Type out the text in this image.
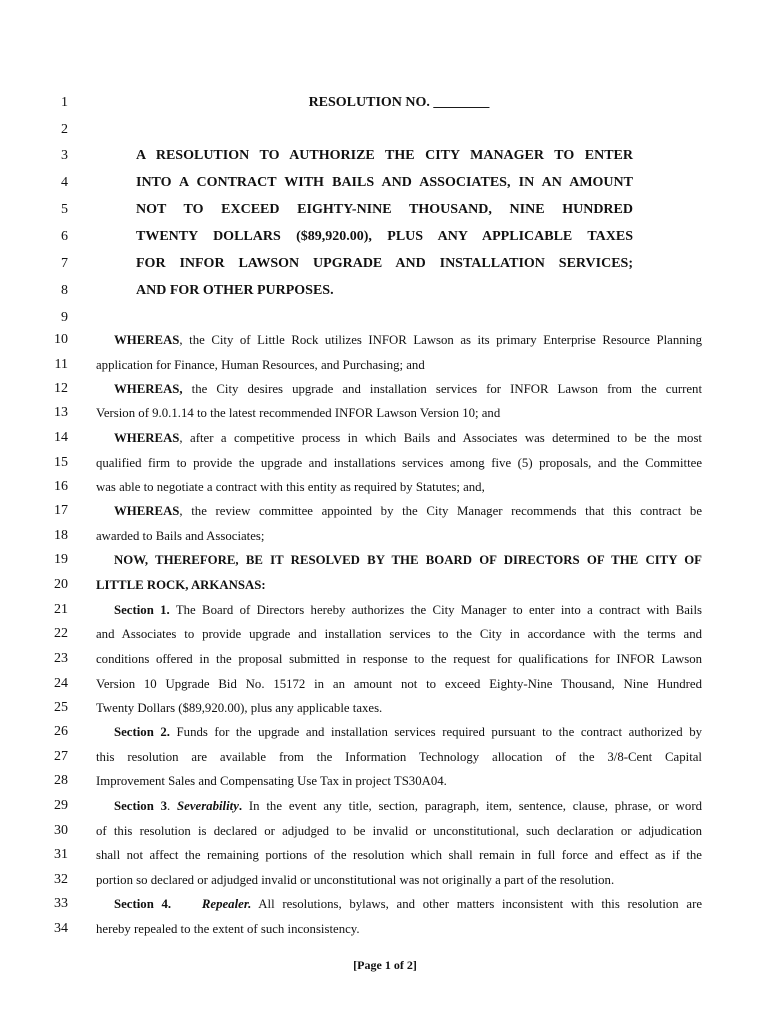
1
2
3
4
5
6
7
8
9
10
11
12
13
14
15
16
17
18
19
20
21
22
23
24
25
26
27
28
29
30
31
32
33
34
RESOLUTION NO. ________
A RESOLUTION TO AUTHORIZE THE CITY MANAGER TO ENTER
INTO A CONTRACT WITH BAILS AND ASSOCIATES, IN AN AMOUNT
NOT TO EXCEED EIGHTY-NINE THOUSAND, NINE HUNDRED
TWENTY DOLLARS ($89,920.00), PLUS ANY APPLICABLE TAXES
FOR INFOR LAWSON UPGRADE AND INSTALLATION SERVICES;
AND FOR OTHER PURPOSES.
WHEREAS, the City of Little Rock utilizes INFOR Lawson as its primary Enterprise Resource Planning
application for Finance, Human Resources, and Purchasing; and
WHEREAS, the City desires upgrade and installation services for INFOR Lawson from the current
Version of 9.0.1.14 to the latest recommended INFOR Lawson Version 10; and
WHEREAS, after a competitive process in which Bails and Associates was determined to be the most
qualified firm to provide the upgrade and installations services among five (5) proposals, and the Committee
was able to negotiate a contract with this entity as required by Statutes; and,
WHEREAS, the review committee appointed by the City Manager recommends that this contract be
awarded to Bails and Associates;
NOW, THEREFORE, BE IT RESOLVED BY THE BOARD OF DIRECTORS OF THE CITY OF
LITTLE ROCK, ARKANSAS:
Section 1. The Board of Directors hereby authorizes the City Manager to enter into a contract with Bails
and Associates to provide upgrade and installation services to the City in accordance with the terms and
conditions offered in the proposal submitted in response to the request for qualifications for INFOR Lawson
Version 10 Upgrade Bid No. 15172 in an amount not to exceed Eighty-Nine Thousand, Nine Hundred
Twenty Dollars ($89,920.00), plus any applicable taxes.
Section 2. Funds for the upgrade and installation services required pursuant to the contract authorized by
this resolution are available from the Information Technology allocation of the 3/8-Cent Capital
Improvement Sales and Compensating Use Tax in project TS30A04.
Section 3. Severability. In the event any title, section, paragraph, item, sentence, clause, phrase, or word
of this resolution is declared or adjudged to be invalid or unconstitutional, such declaration or adjudication
shall not affect the remaining portions of the resolution which shall remain in full force and effect as if the
portion so declared or adjudged invalid or unconstitutional was not originally a part of the resolution.
Section 4. Repealer. All resolutions, bylaws, and other matters inconsistent with this resolution are
hereby repealed to the extent of such inconsistency.
[Page 1 of 2]
